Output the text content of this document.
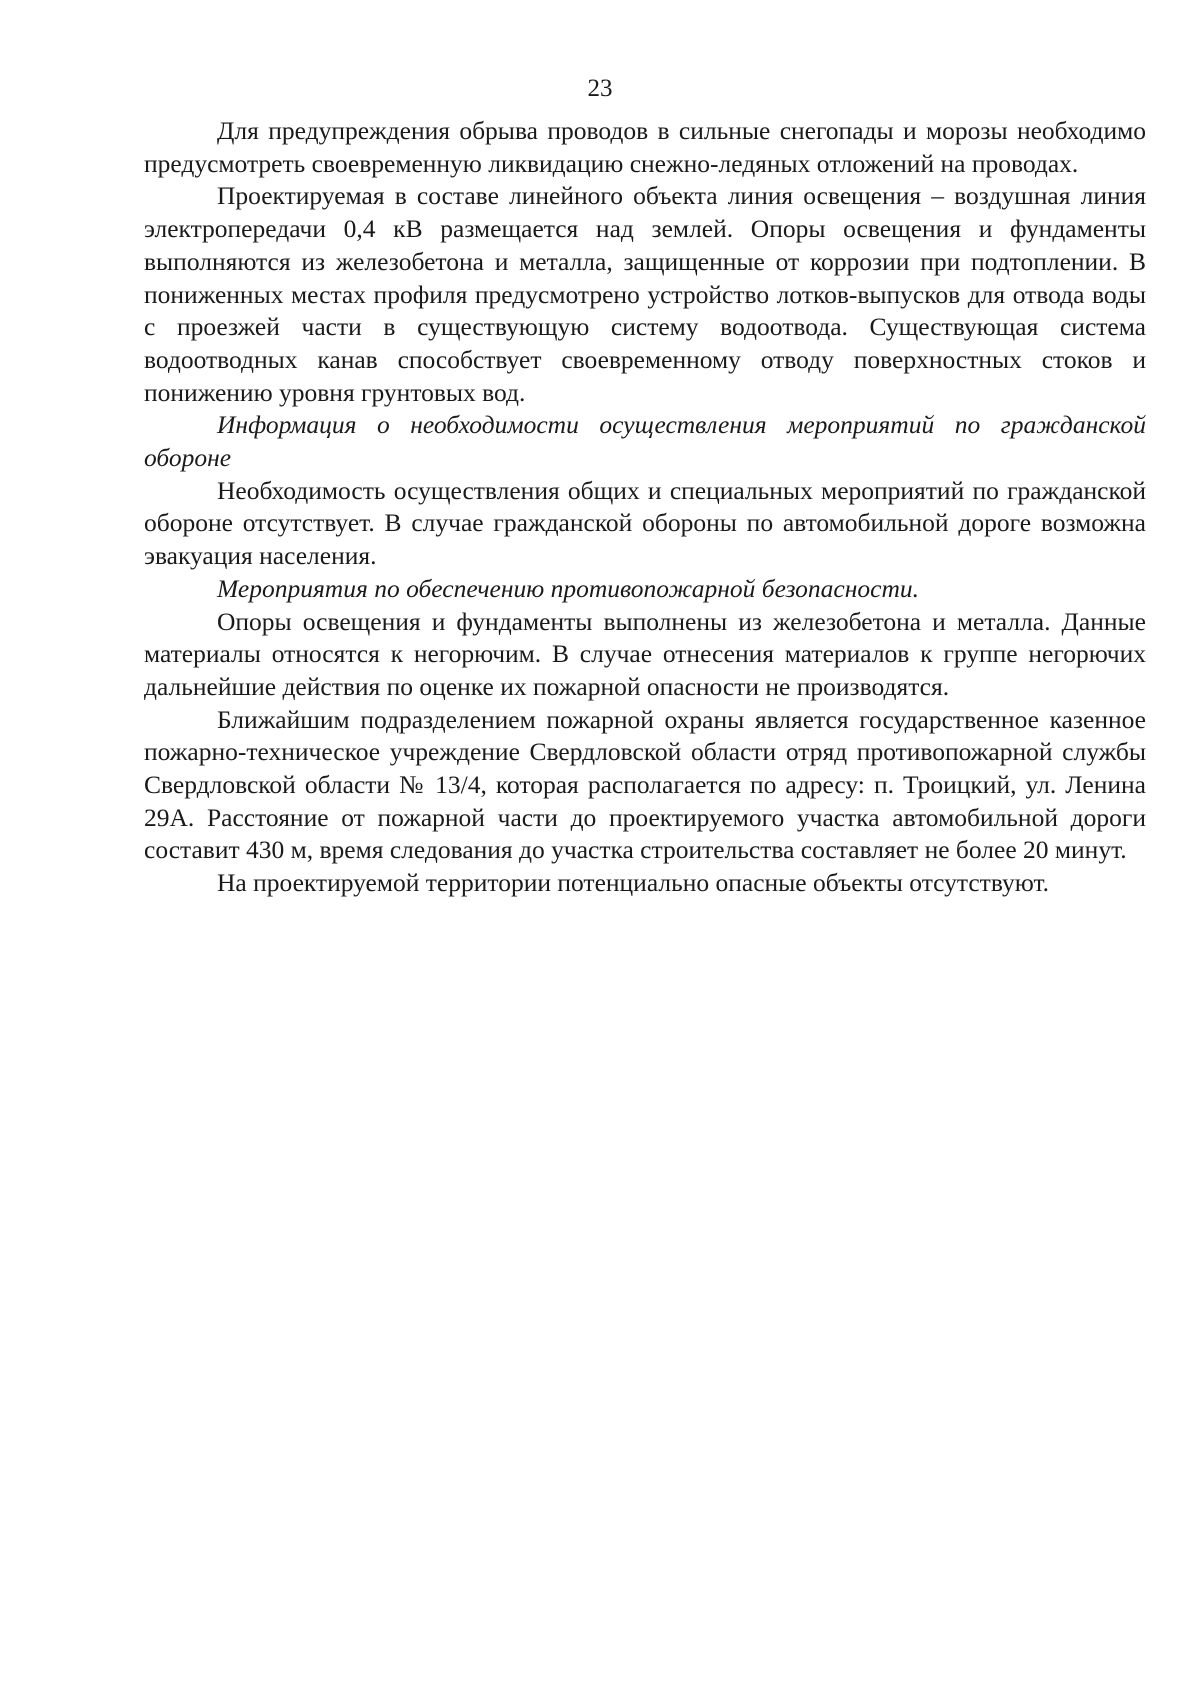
23

Для предупреждения обрыва проводов в сильные снегопады и морозы необходимо предусмотреть своевременную ликвидацию снежно-ледяных отложений на проводах.

Проектируемая в составе линейного объекта линия освещения – воздушная линия электропередачи 0,4 кВ размещается над землей. Опоры освещения и фундаменты выполняются из железобетона и металла, защищенные от коррозии при подтоплении. В пониженных местах профиля предусмотрено устройство лотков-выпусков для отвода воды с проезжей части в существующую систему водоотвода. Существующая система водоотводных канав способствует своевременному отводу поверхностных стоков и понижению уровня грунтовых вод.

Информация о необходимости осуществления мероприятий по гражданской обороне

Необходимость осуществления общих и специальных мероприятий по гражданской обороне отсутствует. В случае гражданской обороны по автомобильной дороге возможна эвакуация населения.

Мероприятия по обеспечению противопожарной безопасности.

Опоры освещения и фундаменты выполнены из железобетона и металла. Данные материалы относятся к негорючим. В случае отнесения материалов к группе негорючих дальнейшие действия по оценке их пожарной опасности не производятся.

Ближайшим подразделением пожарной охраны является государственное казенное пожарно-техническое учреждение Свердловской области отряд противопожарной службы Свердловской области № 13/4, которая располагается по адресу: п. Троицкий, ул. Ленина 29А. Расстояние от пожарной части до проектируемого участка автомобильной дороги составит 430 м, время следования до участка строительства составляет не более 20 минут.

На проектируемой территории потенциально опасные объекты отсутствуют.
